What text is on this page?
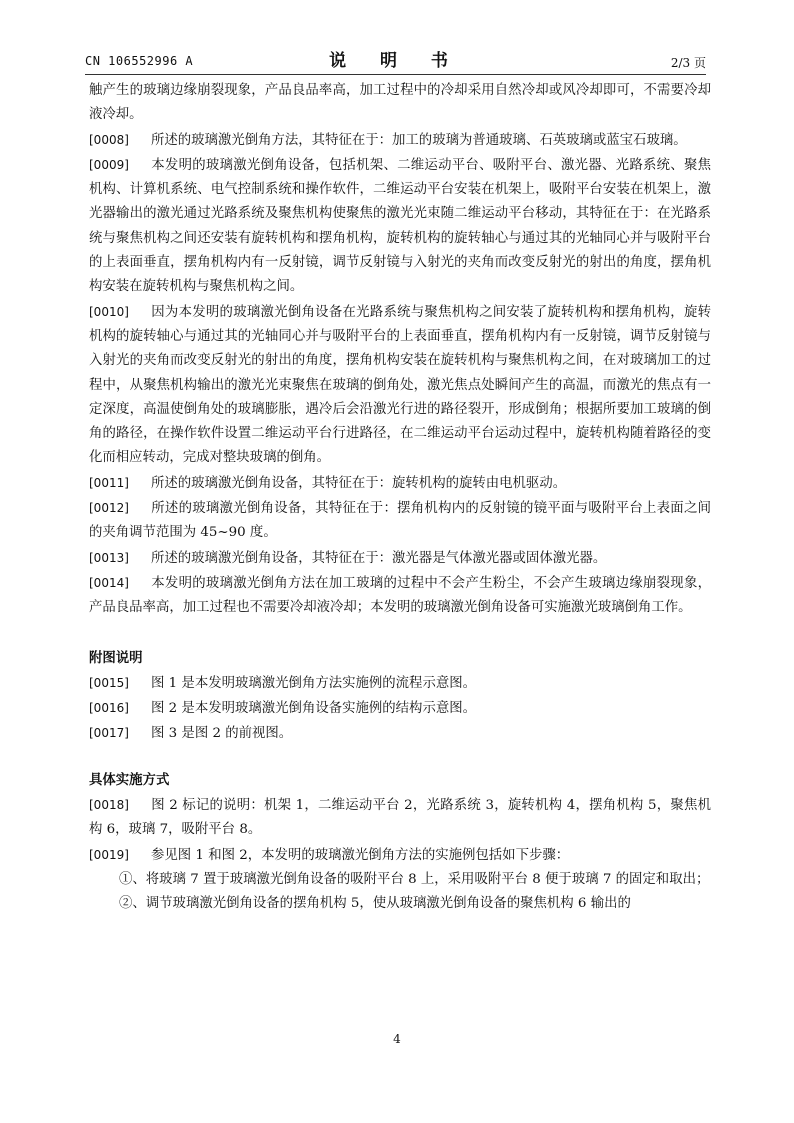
CN 106552996 A	说 明 书	2/3 页

触产生的玻璃边缘崩裂现象，产品良品率高，加工过程中的冷却采用自然冷却或风冷却即可，不需要冷却液冷却。

[0008] 所述的玻璃激光倒角方法，其特征在于：加工的玻璃为普通玻璃、石英玻璃或蓝宝石玻璃。

[0009] 本发明的玻璃激光倒角设备，包括机架、二维运动平台、吸附平台、激光器、光路系统、聚焦机构、计算机系统、电气控制系统和操作软件，二维运动平台安装在机架上，吸附平台安装在机架上，激光器输出的激光通过光路系统及聚焦机构使聚焦的激光光束随二维运动平台移动，其特征在于：在光路系统与聚焦机构之间还安装有旋转机构和摆角机构，旋转机构的旋转轴心与通过其的光轴同心并与吸附平台的上表面垂直，摆角机构内有一反射镜，调节反射镜与入射光的夹角而改变反射光的射出的角度，摆角机构安装在旋转机构与聚焦机构之间。

[0010] 因为本发明的玻璃激光倒角设备在光路系统与聚焦机构之间安装了旋转机构和摆角机构，旋转机构的旋转轴心与通过其的光轴同心并与吸附平台的上表面垂直，摆角机构内有一反射镜，调节反射镜与入射光的夹角而改变反射光的射出的角度，摆角机构安装在旋转机构与聚焦机构之间，在对玻璃加工的过程中，从聚焦机构输出的激光光束聚焦在玻璃的倒角处，激光焦点处瞬间产生的高温，而激光的焦点有一定深度，高温使倒角处的玻璃膨胀，遇冷后会沿激光行进的路径裂开，形成倒角；根据所要加工玻璃的倒角的路径，在操作软件设置二维运动平台行进路径，在二维运动平台运动过程中，旋转机构随着路径的变化而相应转动，完成对整块玻璃的倒角。

[0011] 所述的玻璃激光倒角设备，其特征在于：旋转机构的旋转由电机驱动。

[0012] 所述的玻璃激光倒角设备，其特征在于：摆角机构内的反射镜的镜平面与吸附平台上表面之间的夹角调节范围为 45~90 度。

[0013] 所述的玻璃激光倒角设备，其特征在于：激光器是气体激光器或固体激光器。

[0014] 本发明的玻璃激光倒角方法在加工玻璃的过程中不会产生粉尘，不会产生玻璃边缘崩裂现象，产品良品率高，加工过程也不需要冷却液冷却；本发明的玻璃激光倒角设备可实施激光玻璃倒角工作。

附图说明

[0015] 图 1 是本发明玻璃激光倒角方法实施例的流程示意图。

[0016] 图 2 是本发明玻璃激光倒角设备实施例的结构示意图。

[0017] 图 3 是图 2 的前视图。

具体实施方式

[0018] 图 2 标记的说明：机架 1，二维运动平台 2，光路系统 3，旋转机构 4，摆角机构 5，聚焦机构 6，玻璃 7，吸附平台 8。

[0019] 参见图 1 和图 2，本发明的玻璃激光倒角方法的实施例包括如下步骤：

①、将玻璃 7 置于玻璃激光倒角设备的吸附平台 8 上，采用吸附平台 8 便于玻璃 7 的固定和取出；

②、调节玻璃激光倒角设备的摆角机构 5，使从玻璃激光倒角设备的聚焦机构 6 输出的

4
